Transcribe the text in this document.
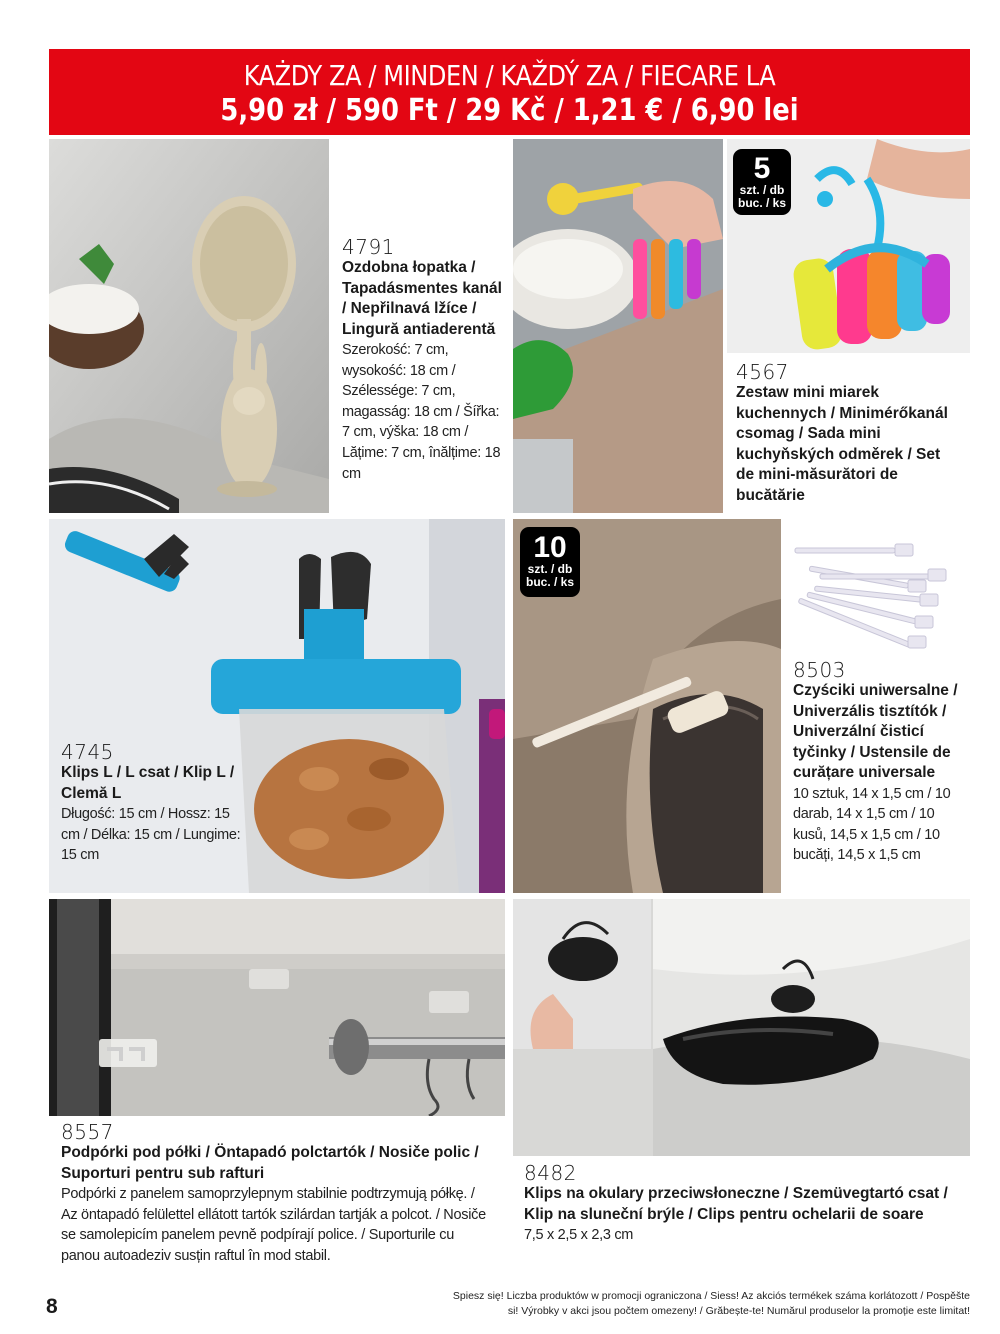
KAŻDY ZA / MINDEN / KAŽDÝ ZA / FIECARE LA
5,90 zł / 590 Ft / 29 Kč / 1,21 € / 6,90 lei
4791
Ozdobna łopatka / Tapadásmentes kanál / Nepřilnavá lžíce / Lingură antiaderentă
Szerokość: 7 cm, wysokość: 18 cm / Szélessége: 7 cm, magasság: 18 cm / Šířka: 7 cm, výška: 18 cm / Lățime: 7 cm, înălțime: 18 cm
5
szt. / db buc. / ks
4567
Zestaw mini miarek kuchennych / Minimérőkanál csomag / Sada mini kuchyňských odměrek / Set de mini-măsurători de bucătărie
4745
Klips L / L csat / Klip L / Clemă L
Długość: 15 cm / Hossz: 15 cm / Délka: 15 cm / Lungime: 15 cm
10
szt. / db buc. / ks
8503
Czyściki uniwersalne / Univerzális tisztítók / Univerzální čisticí tyčinky / Ustensile de curățare universale
10 sztuk, 14 x 1,5 cm / 10 darab, 14 x 1,5 cm / 10 kusů, 14,5 x 1,5 cm / 10 bucăți, 14,5 x 1,5 cm
8557
Podpórki pod półki / Öntapadó polctartók / Nosiče polic / Suporturi pentru sub rafturi
Podpórki z panelem samoprzylepnym stabilnie podtrzymują półkę. / Az öntapadó felülettel ellátott tartók szilárdan tartják a polcot. / Nosiče se samolepicím panelem pevně podpírají police. / Suporturile cu panou autoadeziv susțin raftul în mod stabil.
8482
Klips na okulary przeciwsłoneczne / Szemüvegtartó csat / Klip na sluneční brýle / Clips pentru ochelarii de soare
7,5 x 2,5 x 2,3 cm
8	Spiesz się! Liczba produktów w promocji ograniczona / Siess! Az akciós termékek száma korlátozott / Pospěšte si! Výrobky v akci jsou počtem omezeny! / Grăbește-te! Numărul produselor la promoție este limitat!
